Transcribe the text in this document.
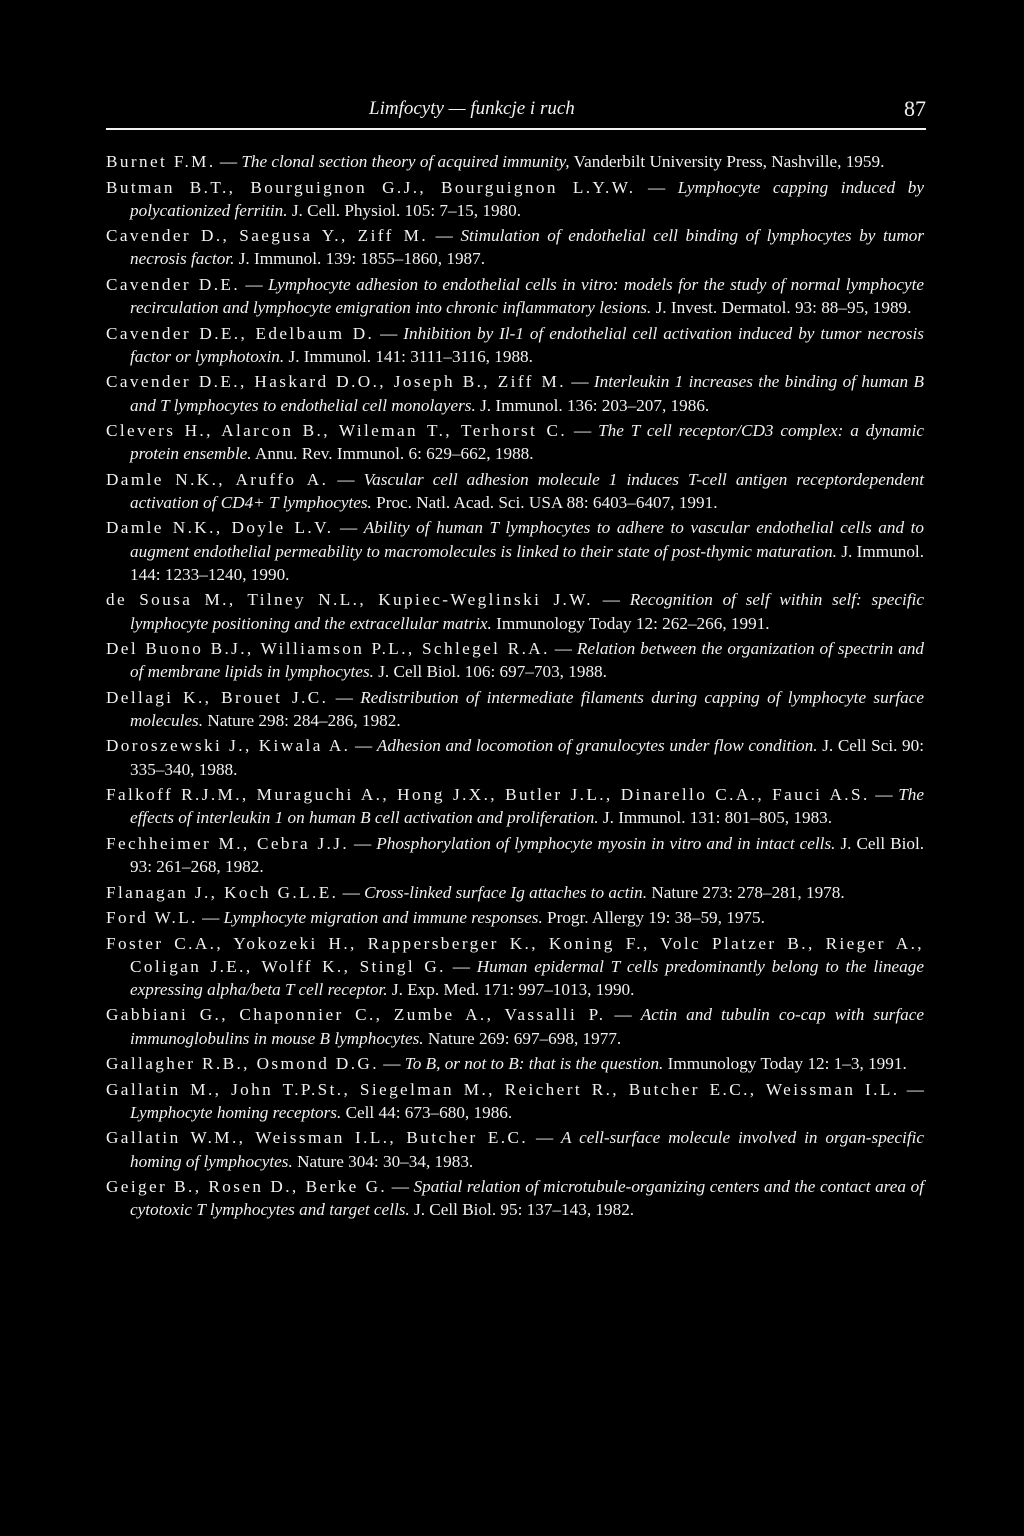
Limfocyty — funkcje i ruch	87

Burnet F.M. — The clonal section theory of acquired immunity, Vanderbilt University Press, Nashville, 1959.

Butman B.T., Bourguignon G.J., Bourguignon L.Y.W. — Lymphocyte capping induced by polycationized ferritin. J. Cell. Physiol. 105: 7–15, 1980.

Cavender D., Saegusa Y., Ziff M. — Stimulation of endothelial cell binding of lymphocytes by tumor necrosis factor. J. Immunol. 139: 1855–1860, 1987.

Cavender D.E. — Lymphocyte adhesion to endothelial cells in vitro: models for the study of normal lymphocyte recirculation and lymphocyte emigration into chronic inflammatory lesions. J. Invest. Dermatol. 93: 88–95, 1989.

Cavender D.E., Edelbaum D. — Inhibition by Il-1 of endothelial cell activation induced by tumor necrosis factor or lymphotoxin. J. Immunol. 141: 3111–3116, 1988.

Cavender D.E., Haskard D.O., Joseph B., Ziff M. — Interleukin 1 increases the binding of human B and T lymphocytes to endothelial cell monolayers. J. Immunol. 136: 203–207, 1986.

Clevers H., Alarcon B., Wileman T., Terhorst C. — The T cell receptor/CD3 complex: a dynamic protein ensemble. Annu. Rev. Immunol. 6: 629–662, 1988.

Damle N.K., Aruffo A. — Vascular cell adhesion molecule 1 induces T-cell antigen receptordependent activation of CD4+ T lymphocytes. Proc. Natl. Acad. Sci. USA 88: 6403–6407, 1991.

Damle N.K., Doyle L.V. — Ability of human T lymphocytes to adhere to vascular endothelial cells and to augment endothelial permeability to macromolecules is linked to their state of post-thymic maturation. J. Immunol. 144: 1233–1240, 1990.

de Sousa M., Tilney N.L., Kupiec-Weglinski J.W. — Recognition of self within self: specific lymphocyte positioning and the extracellular matrix. Immunology Today 12: 262–266, 1991.

Del Buono B.J., Williamson P.L., Schlegel R.A. — Relation between the organization of spectrin and of membrane lipids in lymphocytes. J. Cell Biol. 106: 697–703, 1988.

Dellagi K., Brouet J.C. — Redistribution of intermediate filaments during capping of lymphocyte surface molecules. Nature 298: 284–286, 1982.

Doroszewski J., Kiwala A. — Adhesion and locomotion of granulocytes under flow condition. J. Cell Sci. 90: 335–340, 1988.

Falkoff R.J.M., Muraguchi A., Hong J.X., Butler J.L., Dinarello C.A., Fauci A.S. — The effects of interleukin 1 on human B cell activation and proliferation. J. Immunol. 131: 801–805, 1983.

Fechheimer M., Cebra J.J. — Phosphorylation of lymphocyte myosin in vitro and in intact cells. J. Cell Biol. 93: 261–268, 1982.

Flanagan J., Koch G.L.E. — Cross-linked surface Ig attaches to actin. Nature 273: 278–281, 1978.

Ford W.L. — Lymphocyte migration and immune responses. Progr. Allergy 19: 38–59, 1975.

Foster C.A., Yokozeki H., Rappersberger K., Koning F., Volc Platzer B., Rieger A., Coligan J.E., Wolff K., Stingl G. — Human epidermal T cells predominantly belong to the lineage expressing alpha/beta T cell receptor. J. Exp. Med. 171: 997–1013, 1990.

Gabbiani G., Chaponnier C., Zumbe A., Vassalli P. — Actin and tubulin co-cap with surface immunoglobulins in mouse B lymphocytes. Nature 269: 697–698, 1977.

Gallagher R.B., Osmond D.G. — To B, or not to B: that is the question. Immunology Today 12: 1–3, 1991.

Gallatin M., John T.P.St., Siegelman M., Reichert R., Butcher E.C., Weissman I.L. — Lymphocyte homing receptors. Cell 44: 673–680, 1986.

Gallatin W.M., Weissman I.L., Butcher E.C. — A cell-surface molecule involved in organ-specific homing of lymphocytes. Nature 304: 30–34, 1983.

Geiger B., Rosen D., Berke G. — Spatial relation of microtubule-organizing centers and the contact area of cytotoxic T lymphocytes and target cells. J. Cell Biol. 95: 137–143, 1982.
